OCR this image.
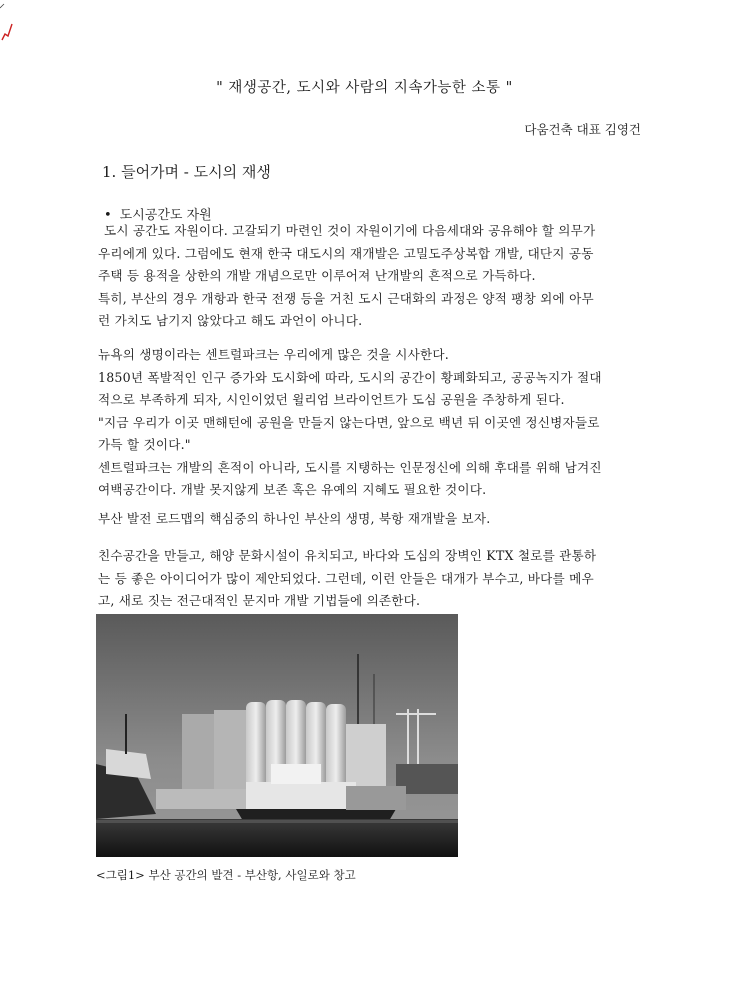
" 재생공간, 도시와 사람의 지속가능한 소통 "
다움건축 대표 김영건
1. 들어가며 - 도시의 재생
• 도시공간도 자원

도시 공간도 자원이다. 고갈되기 마련인 것이 자원이기에 다음세대와 공유해야 할 의무가

우리에게 있다. 그럼에도 현재 한국 대도시의 재개발은 고밀도주상복합 개발, 대단지 공동

주택 등 용적을 상한의 개발 개념으로만 이루어져 난개발의 흔적으로 가득하다.

특히, 부산의 경우 개항과 한국 전쟁 등을 거친 도시 근대화의 과정은 양적 팽창 외에 아무

런 가치도 남기지 않았다고 해도 과언이 아니다.

뉴욕의 생명이라는 센트럴파크는 우리에게 많은 것을 시사한다.

1850년 폭발적인 인구 증가와 도시화에 따라, 도시의 공간이 황폐화되고, 공공녹지가 절대

적으로 부족하게 되자, 시인이었던 윌리엄 브라이언트가 도심 공원을 주창하게 된다.

"지금 우리가 이곳 맨해턴에 공원을 만들지 않는다면, 앞으로 백년 뒤 이곳엔 정신병자들로

가득 할 것이다."

센트럴파크는 개발의 흔적이 아니라, 도시를 지탱하는 인문정신에 의해 후대를 위해 남겨진

여백공간이다. 개발 못지않게 보존 혹은 유예의 지혜도 필요한 것이다.

부산 발전 로드맵의 핵심중의 하나인 부산의 생명, 북항 재개발을 보자.

친수공간을 만들고, 해양 문화시설이 유치되고, 바다와 도심의 장벽인 KTX 철로를 관통하

는 등 좋은 아이디어가 많이 제안되었다. 그런데, 이런 안들은 대개가 부수고, 바다를 메우

고, 새로 짓는 전근대적인 문지마 개발 기법들에 의존한다.

<그림1> 부산 공간의 발견 - 부산항, 사일로와 창고
